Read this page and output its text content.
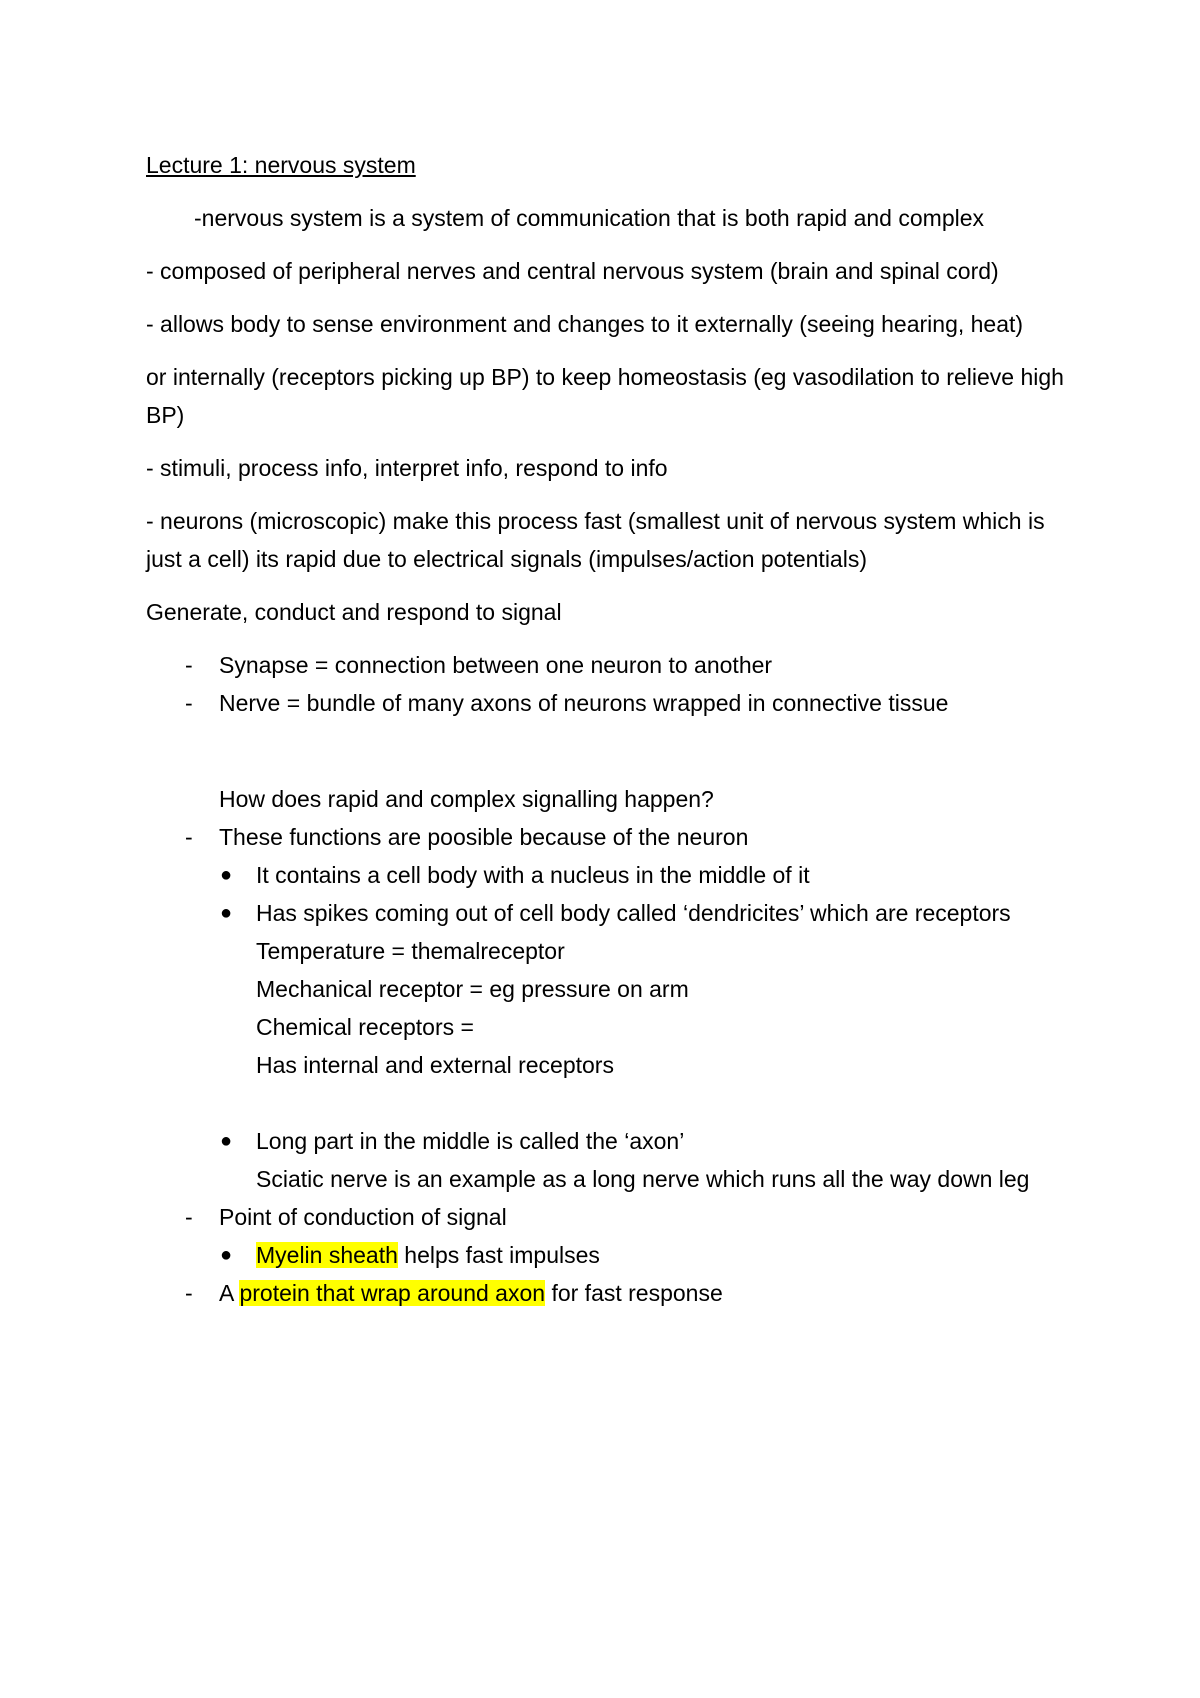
Lecture 1: nervous system

-nervous system is a system of communication that is both rapid and complex

- composed of peripheral nerves and central nervous system (brain and spinal cord)

- allows body to sense environment and changes to it externally (seeing hearing, heat)

or internally (receptors picking up BP) to keep homeostasis (eg vasodilation to relieve high BP)

- stimuli, process info, interpret info, respond to info

- neurons (microscopic) make this process fast (smallest unit of nervous system which is just a cell) its rapid due to electrical signals (impulses/action potentials)

Generate, conduct and respond to signal

- Synapse = connection between one neuron to another
- Nerve = bundle of many axons of neurons wrapped in connective tissue

How does rapid and complex signalling happen?

- These functions are poosible because of the neuron
● It contains a cell body with a nucleus in the middle of it
● Has spikes coming out of cell body called ‘dendricites’ which are receptors
Temperature = themalreceptor
Mechanical receptor = eg pressure on arm
Chemical receptors =
Has internal and external receptors
● Long part in the middle is called the ‘axon’
Sciatic nerve is an example as a long nerve which runs all the way down leg
- Point of conduction of signal
● Myelin sheath helps fast impulses
- A protein that wrap around axon for fast response
